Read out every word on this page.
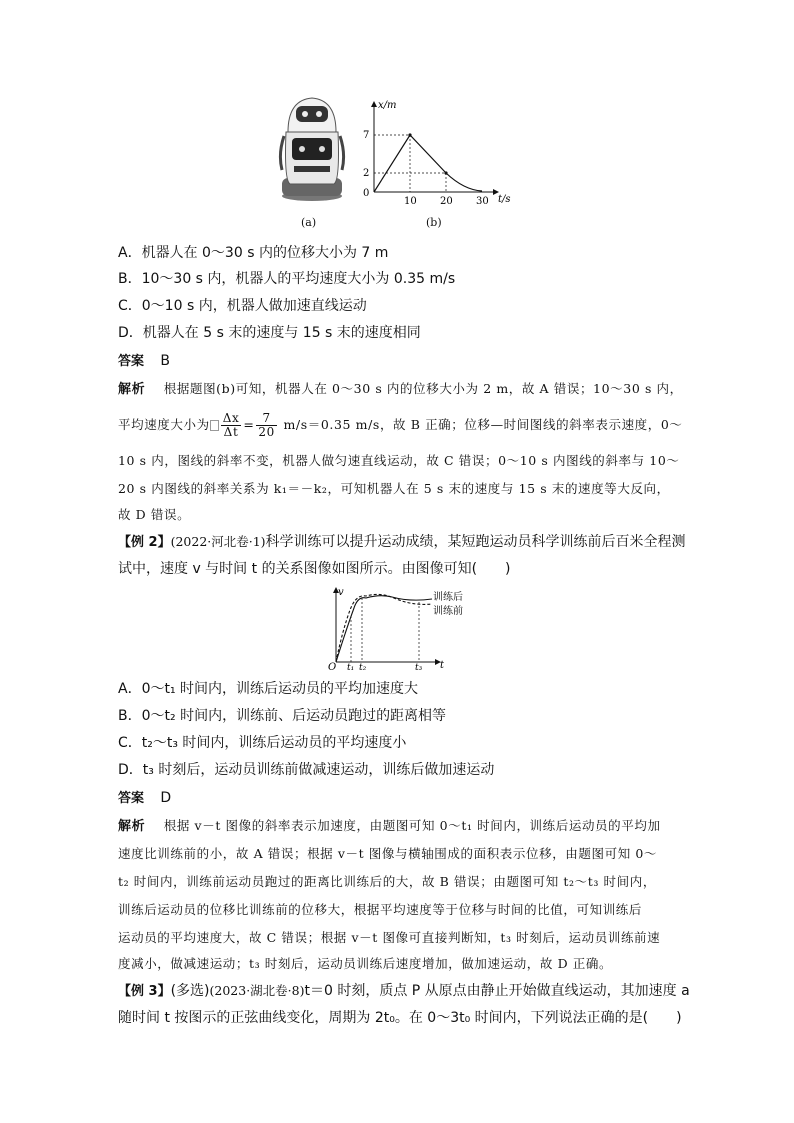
(a)
x/m
t/s
7
2
0
10 20 30
(b)
A．机器人在 0～30 s 内的位移大小为 7 m
B．10～30 s 内，机器人的平均速度大小为 0.35 m/s
C．0～10 s 内，机器人做加速直线运动
D．机器人在 5 s 末的速度与 15 s 末的速度相同
答案 B
解析 根据题图(b)可知，机器人在 0～30 s 内的位移大小为 2 m，故 A 错误；10～30 s 内，
平均速度大小为 $\frac{\Delta x}{\Delta t} = \frac{7}{20} m/s=0.35$ m/s，故 B 正确；位移—时间图线的斜率表示速度，0～
10 s 内，图线的斜率不变，机器人做匀速直线运动，故 C 错误；0～10 s 内图线的斜率与 10～
20 s 内图线的斜率关系为 k₁＝－k₂，可知机器人在 5 s 末的速度与 15 s 末的速度等大反向，
故 D 错误。
【例 2】(2022·河北卷·1)科学训练可以提升运动成绩，某短跑运动员科学训练前后百米全程测
试中，速度 v 与时间 t 的关系图像如图所示。由图像可知(　　)
v
O	t
t₁ t₂	t₃
训练后
训练前
A．0～t₁ 时间内，训练后运动员的平均加速度大
B．0～t₂ 时间内，训练前、后运动员跑过的距离相等
C．t₂～t₃ 时间内，训练后运动员的平均速度小
D．t₃ 时刻后，运动员训练前做减速运动，训练后做加速运动
答案 D
解析 根据 v－t 图像的斜率表示加速度，由题图可知 0～t₁ 时间内，训练后运动员的平均加
速度比训练前的小，故 A 错误；根据 v－t 图像与横轴围成的面积表示位移，由题图可知 0～
t₂ 时间内，训练前运动员跑过的距离比训练后的大，故 B 错误；由题图可知 t₂～t₃ 时间内，
训练后运动员的位移比训练前的位移大，根据平均速度等于位移与时间的比值，可知训练后
运动员的平均速度大，故 C 错误；根据 v－t 图像可直接判断知，t₃ 时刻后，运动员训练前速
度减小，做减速运动；t₃ 时刻后，运动员训练后速度增加，做加速运动，故 D 正确。
【例 3】(多选)(2023·湖北卷·8)t＝0 时刻，质点 P 从原点由静止开始做直线运动，其加速度 a
随时间 t 按图示的正弦曲线变化，周期为 2t₀。在 0～3t₀ 时间内，下列说法正确的是(　　)
